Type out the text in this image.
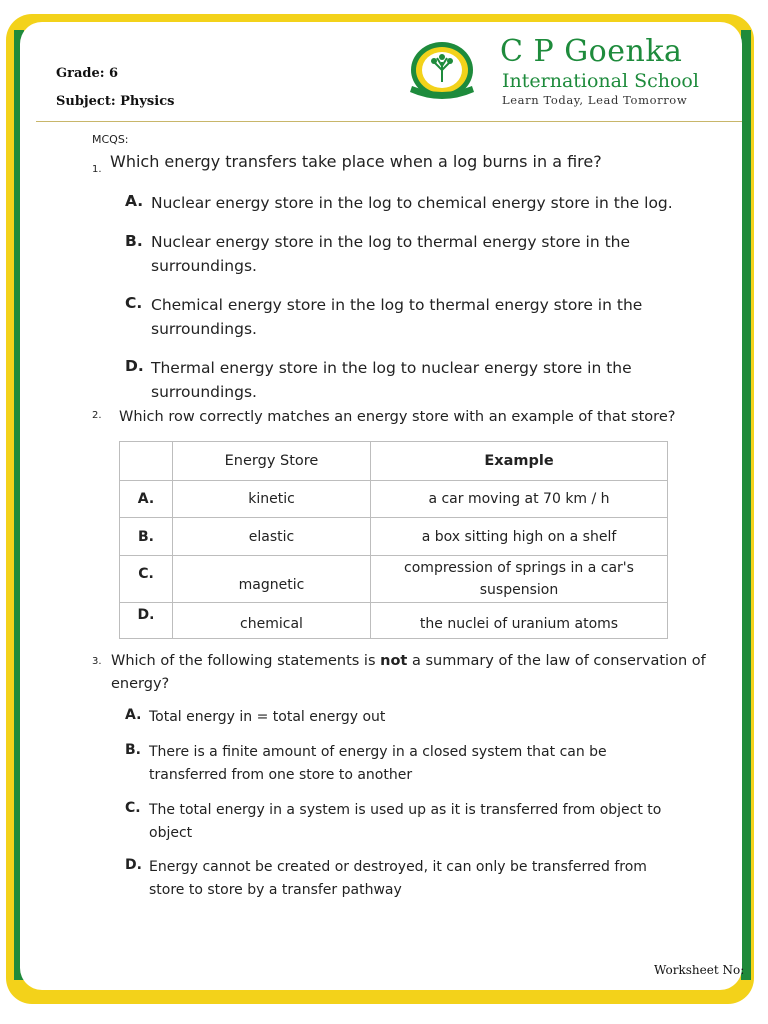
Grade: 6
Subject: Physics
C P Goenka
International School
Learn Today, Lead Tomorrow
MCQS:
1. Which energy transfers take place when a log burns in a fire?
A. Nuclear energy store in the log to chemical energy store in the log.
B. Nuclear energy store in the log to thermal energy store in the
surroundings.
C. Chemical energy store in the log to thermal energy store in the
surroundings.
D. Thermal energy store in the log to nuclear energy store in the
surroundings.
2. Which row correctly matches an energy store with an example of that store?
	Energy Store	Example
A.	kinetic	a car moving at 70 km / h
B.	elastic	a box sitting high on a shelf
C.	magnetic	compression of springs in a car's
suspension

D.	chemical	the nuclei of uranium atoms
3. Which of the following statements is not a summary of the law of conservation of energy?
A. Total energy in = total energy out
B. There is a finite amount of energy in a closed system that can be
transferred from one store to another
C. The total energy in a system is used up as it is transferred from object to
object
D. Energy cannot be created or destroyed, it can only be transferred from
store to store by a transfer pathway
Worksheet No:
